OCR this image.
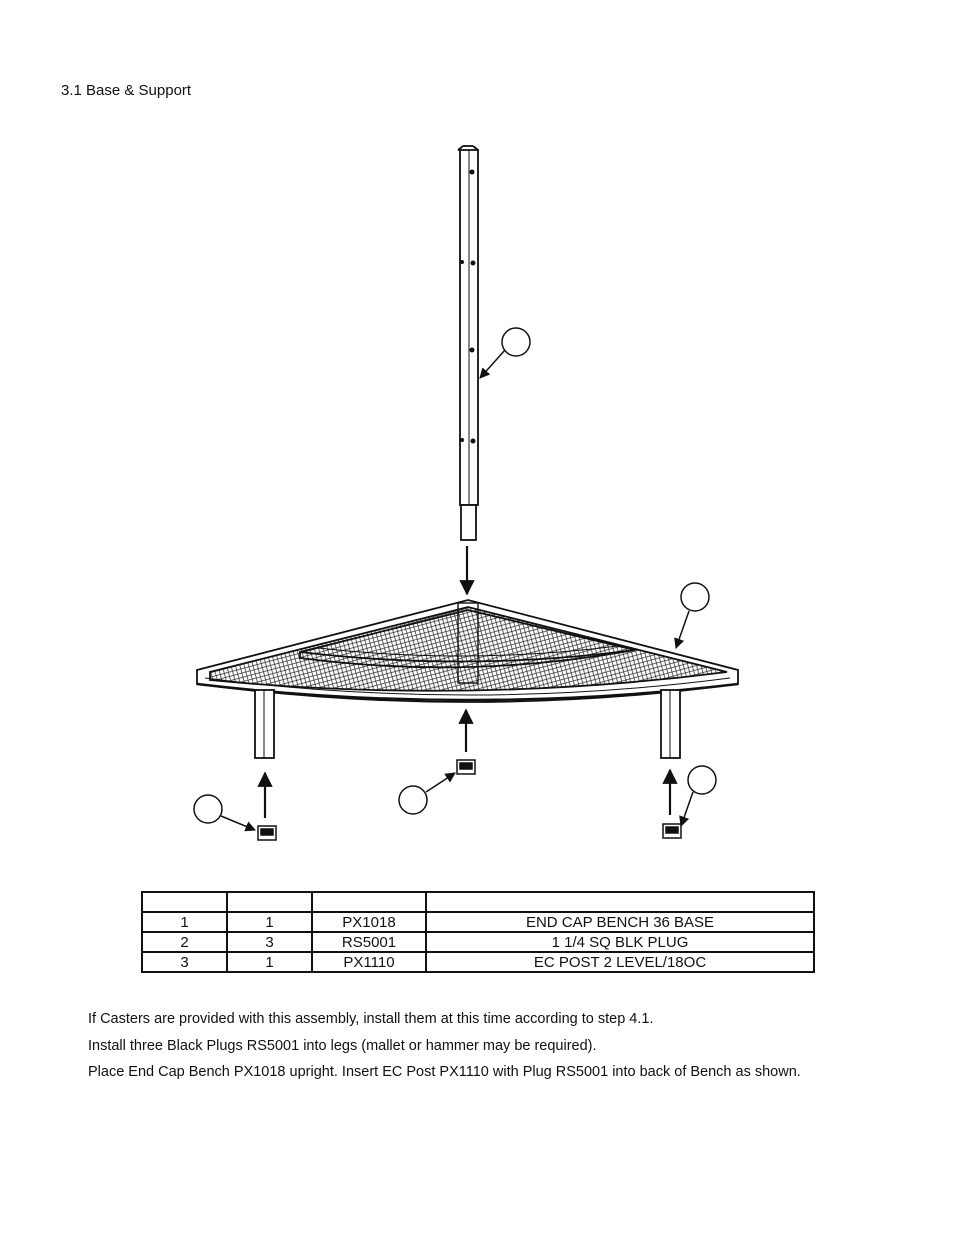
3.1 Base & Support

1	1	PX1018	END CAP BENCH 36 BASE
2	3	RS5001	1 1/4 SQ BLK PLUG
3	1	PX1110	EC POST 2 LEVEL/18OC

If Casters are provided with this assembly, install them at this time according to step 4.1.

Install three Black Plugs RS5001 into legs (mallet or hammer may be required).

Place End Cap Bench PX1018 upright. Insert EC Post PX1110 with Plug RS5001 into back of Bench as shown.
